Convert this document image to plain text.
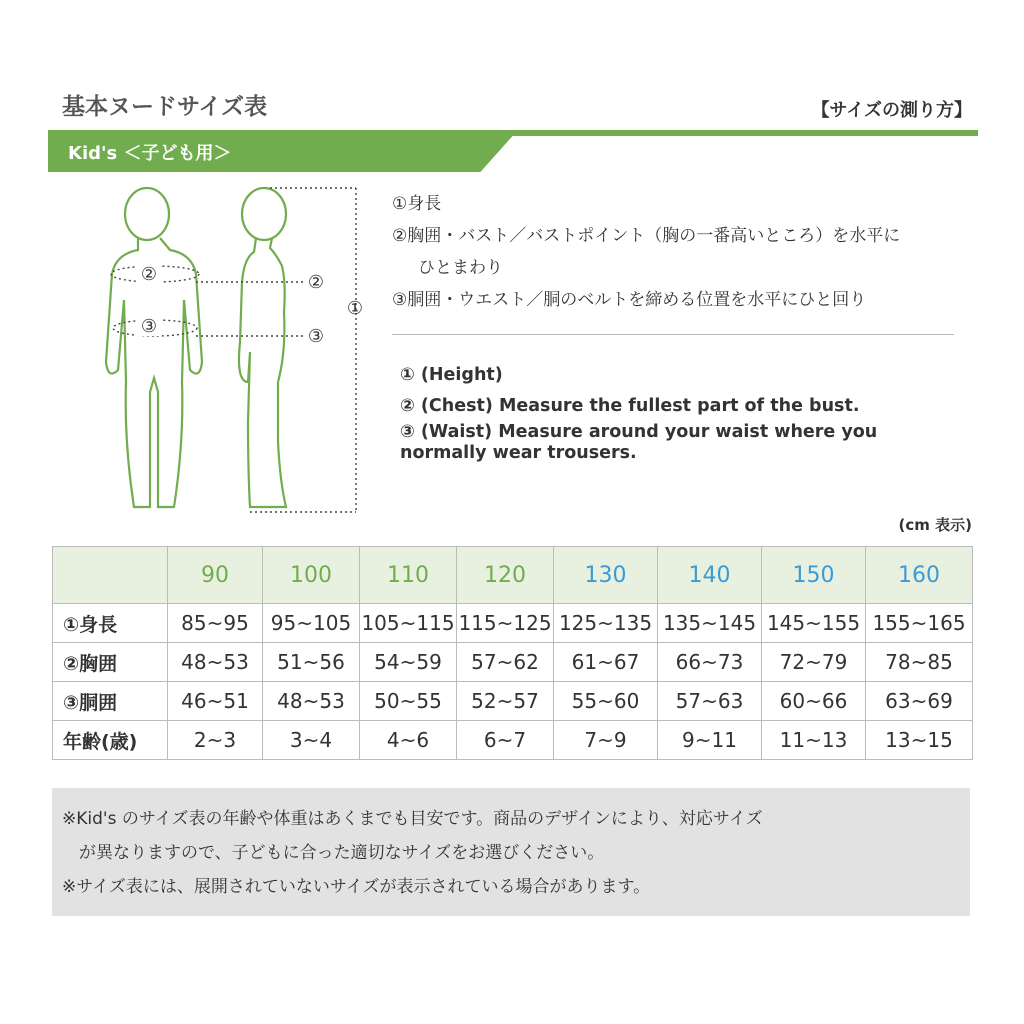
基本ヌードサイズ表	【サイズの測り方】
Kid's ＜子ども用＞
②
③
②
③
①
①身長
②胸囲・バスト／バストポイント（胸の一番高いところ）を水平に
ひとまわり
③胴囲・ウエスト／胴のベルトを締める位置を水平にひと回り
① (Height)
② (Chest) Measure the fullest part of the bust.
③ (Waist) Measure around your waist where you
normally wear trousers.
(cm 表示)
	90	100	110	120	130	140	150	160
①身長	85~95	95~105	105~115	115~125	125~135	135~145	145~155	155~165
②胸囲	48~53	51~56	54~59	57~62	61~67	66~73	72~79	78~85
③胴囲	46~51	48~53	50~55	52~57	55~60	57~63	60~66	63~69
年齢(歳)	2~3	3~4	4~6	6~7	7~9	9~11	11~13	13~15

※Kid's のサイズ表の年齢や体重はあくまでも目安です。商品のデザインにより、対応サイズ

　が異なりますので、子どもに合った適切なサイズをお選びください。

※サイズ表には、展開されていないサイズが表示されている場合があります。
